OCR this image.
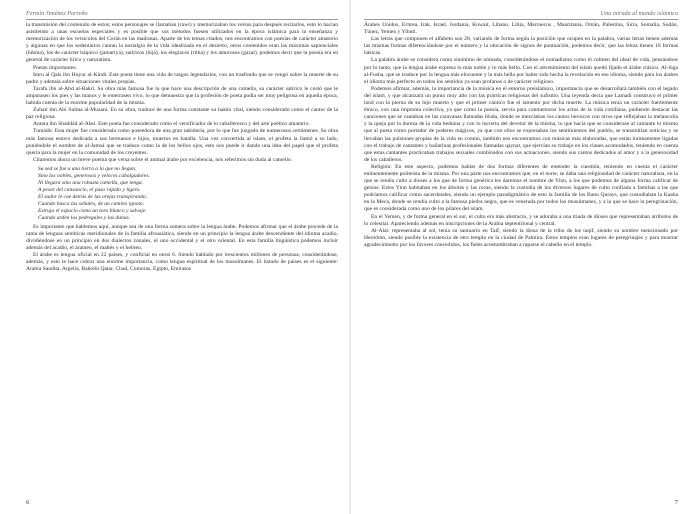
Fermín Jiménez Parreño

la transmisión del contenido de estos; estos personajes se llamaban (rawi) y memorizaban los versos para después recitarlos, esto lo hacían asistiendo a unas escuelas especiales y es posible que sus métodos fuesen utilizados en la época islámica para la enseñanza y memorización de los versículos del Corán en las madrasas. Aparte de los temas citados, nos encontramos con poesías de carácter amatorio y algunas en que los sedentarios cantan la nostalgia de la vida idealizada en el desierto, otros contenidos eran las máximas sapienciales (hikma), los de carácter báquico (jamariya), satíricos (hijá), los elegíacos (ritha) y los amorosos (gazal), podemos decir que la poesía era en general de carácter lírico y naturalista.

Poetas importantes:

Imru al Qais ibn Huyur al-Kindí. Este poeta tiene una vida de rasgos legendarios, con un trasfondo que se vengó sobre la muerte de su padre y además sobre situaciones vitales propias.

Tarafa ibn al-Abd al-Bakri. Su obra más famosa fue la que hace una descripción de una camella, su carácter satírico le costó que le amputasen los pies y las manos y le enterrasen vivo, lo que demuestra que la profesión de poeta podía ser muy peligrosa en aquella época, habida cuenta de la enorme popularidad de la misma.

Zuhair ibn Abi Sulma al-Muzani. En su obra, traduce de una forma constante su hastío vital, siendo considerado como el cantor de la paz religiosa.

Antara ibn Shaddád al-Absi. Este poeta fue considerado como el versificador de lo caballeresco y del arte poético amatorio.

Tumádir. Esta mujer fue considerada como poseedora de una gran sabiduría, por lo que fue juzgado de numerosos certámenes. Su obra más famosa estuvo dedicada a sus hermanos e hijos, muertos en batalla. Una vez convertida al islam, el profeta la llamó a su lado, poniéndole el nombre de al-Jamsá que se traduce como la de los bellos ojos, esto nos puede ir dando una idea del papel que el profeta quería para la mujer en la comunidad de los creyentes.

Citaremos ahora un breve poema que versa sobre el animal árabe por excelencia, nos referimos sin duda al camello.

Su sed se fue a una tierra a la que no llegan.
Sino los nobles, generosos y veloces cabalgadores.
Ni llegará sino una robusta camella, que tenga.
A pesar del cansancio, el paso rápido y ligero.
El sudor le cae detrás de las orejas transpirando.
Cuando busca las señales, de un camino ignoto.
Estruja el espacio como un toro blanco y salvaje.
Cuando arden los pedregales y las dunas.

Es importante que hablemos aquí, aunque sea de una forma somera sobre la lengua árabe. Podemos afirmar que el árabe procede de la rama de lenguas semíticas meridionales de la familia afroasiática, siendo en un principio la lengua árabe descendiente del idioma acadio, dividiéndose en un principio en dos dialectos zonales, el uno occidental y el otro oriental. En esta familia lingüística podemos incluir además del acadio, el arameo, el maltés y el hebreo.

El árabe es lengua oficial en 22 países, y cooficial en otros 6. Siendo hablado por trescientos millones de personas, considerándose, además, y esto le hace cobrar una enorme importancia, como lengua espiritual de los musulmanes. El listado de países es el siguiente: Arabia Saudita, Argelia, Bahréin Qatar, Chad, Comoras, Egipto, Emiratos

6
Una mirada al mundo islámico

Árabes Unidos, Eritrea, Irak, Israel, Jordania, Kuwait, Líbano, Libia, Marruecos , Mauritania, Omán, Palestina, Siria, Somalia, Sudán, Túnez, Yemen y Yibuti.

Las letras que componen el alfabeto son 28, variando de forma según la posición que ocupen en la palabra, varias letras tienen además las mismas formas diferenciándose por el número y la ubicación de signos de puntuación, podemos decir, que las letras tienen 18 formas básicas.

La palabra árabe se considera como sinónimo de nómada, considerándose el nomadismo como el culmen del ideal de vida, pensándose por lo tanto, que la lengua árabe expresa lo más noble y lo más bello. Con el advenimiento del islam quedó fijado el árabe clásico. Al-lúga al-Fusha, que se traduce por la lengua más elocuente y la más bella por haber sido hecha la revelación en ese idioma, siendo para los árabes el idioma más perfecto en todos los sentidos ya sean profanos o de carácter religioso.

Podemos afirmar, además, la importancia de la música en el entorno preislámico, importancia que se desarrollará también con el legado del islam, y que alcanzará un punto muy alto con las prácticas religiosas del sufismo. Una leyenda decía que Lamadi construyó el primer laúd con la pierna de su hijo muerto y que el primer cántico fue el lamento por dicha muerte. La música tenía un carácter fuertemente étnico, con una impronta colectiva, ya que como la poesía, servía para conmemorar los actos de la vida cotidiana, pudiendo destacar las canciones que se cantaban en las caravanas llamadas Huda, donde se mezclaban los cantos heroicos con otros que reflejaban la melancolía y la queja por la dureza de la vida beduina y con lo incierto del devenir de la misma, lo que hacía que se considerase al cantante lo mismo que al poeta como portador de poderes mágicos, ya que con ellos se expresaban los sentimientos del pueblo, se transmitían noticias y se llevaban las pulsiones propias de la vida en común, también nos encontramos con músicas más elaboradas, que están íntimamente ligadas con el trabajo de cantantes y bailarinas profesionales llamadas qaynat, que ejercían su trabajo en los clanes acomodados, teniendo en cuenta que estas cantantes practicaban trabajos sexuales combinados con sus actuaciones, siendo sus cantos dedicados al amor y a la generosidad de los caballeros.

Religión: En este aspecto, podemos hablar de dos formas diferentes de entender la cuestión, teniendo en cuenta el carácter eminentemente politeísta de la misma. Por una parte nos encontramos que, en el norte, se daba una religiosidad de carácter naturalista, en la que se rendía culto a dioses a los que de forma genérica les daremos el nombre de Yinn, a los que podemos de alguna forma calificar de genios. Estos Yinn habitaban en los árboles y las rocas, siendo la custodia de los diversos lugares de culto confiada a familias a las que podríamos calificar como sacerdotales, siendo un ejemplo paradigmático de esto la familia de los Banu Qurays, que custodiaban la Kaaba en la Meca, donde se rendía culto a la famosa piedra negra, que es venerada por todos los musulmanes, y a la que se hace la peregrinación, que es considerada como uno de los pilares del islam.

En el Yemen, y de forma general en el sur, el culto era más abstracto, y se adoraba a una triada de dioses que representaban atributos de lo celestial. Apareciendo además en inscripciones de la Arabia septentrional y central.

Al-Alat: representaba al sol, tenía su santuario en Taif, siendo la diosa de la tribu de los taqif, siendo su nombre mencionado por Heródoto, siendo posible la existencia de otro templo en la ciudad de Palmira. Estos templos eran lugares de peregrinajes y para mostrar agradecimiento por los favores concedidos, los fieles acostumbraban a raparse el cabello en el templo.

7
